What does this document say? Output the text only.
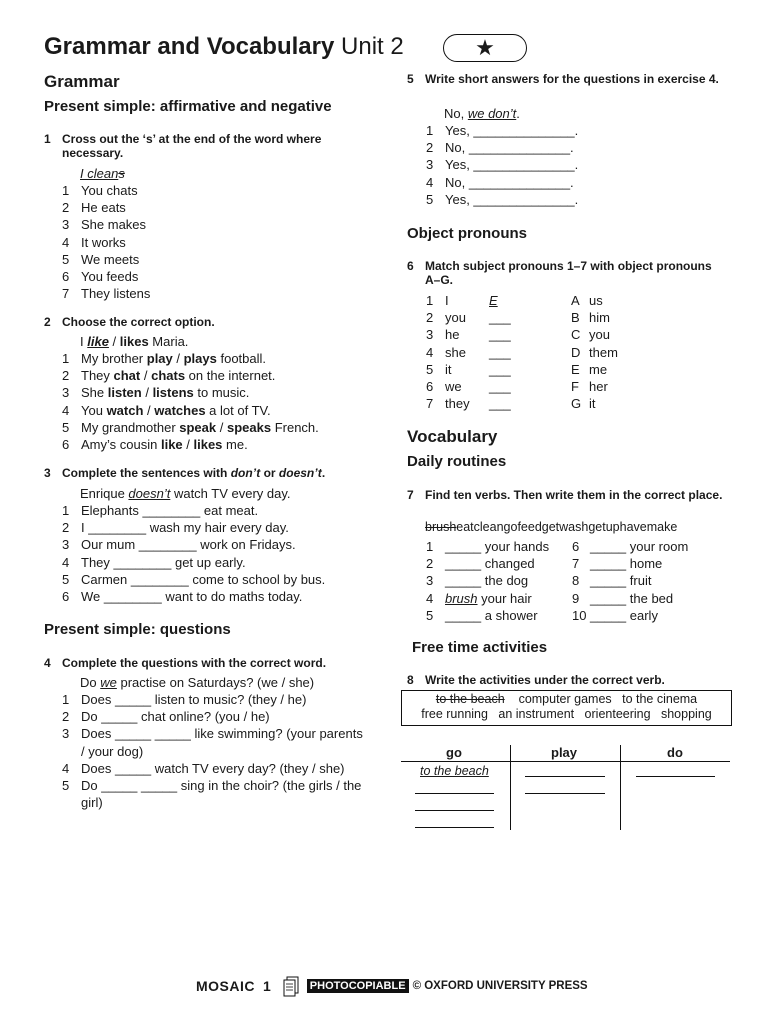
Grammar and Vocabulary Unit 2	★
Grammar
Present simple: affirmative and negative
1 Cross out the ‘s’ at the end of the word where necessary.
I cleans
1 You chats
2 He eats
3 She makes
4 It works
5 We meets
6 You feeds
7 They listens
2 Choose the correct option.
I like / likes Maria.
1 My brother play / plays football.
2 They chat / chats on the internet.
3 She listen / listens to music.
4 You watch / watches a lot of TV.
5 My grandmother speak / speaks French.
6 Amy’s cousin like / likes me.
3 Complete the sentences with don’t or doesn’t.
Enrique doesn’t watch TV every day.
1 Elephants ________ eat meat.
2 I ________ wash my hair every day.
3 Our mum ________ work on Fridays.
4 They ________ get up early.
5 Carmen ________ come to school by bus.
6 We ________ want to do maths today.
Present simple: questions
4 Complete the questions with the correct word.
Do we practise on Saturdays? (we / she)
1 Does _____ listen to music? (they / he)
2 Do _____ chat online? (you / he)
3 Does _____ _____ like swimming? (your parents
/ your dog)
4 Does _____ watch TV every day? (they / she)
5 Do _____ _____ sing in the choir? (the girls / the
girl)
5 Write short answers for the questions in exercise 4.
No, we don’t.
1 Yes, ______________.
2 No, ______________.
3 Yes, ______________.
4 No, ______________.
5 Yes, ______________.
Object pronouns
6 Match subject pronouns 1–7 with object pronouns A–G.
1 I	E	A us
2 you ___	B him
3 he ___	C you
4 she ___	D them
5 it	___	E me
6 we ___	F her
7 they ___	G it
Vocabulary
Daily routines
7 Find ten verbs. Then write them in the correct place.
brusheatcleangofeedgetwashgetuphavemake
1 _____ your hands
2 _____ changed
3 _____ the dog
4 brush your hair
5 _____ a shower
6 _____ your room
7 _____ home
8 _____ fruit
9 _____ the bed
10 _____ early
Free time activities
8 Write the activities under the correct verb.
to the beach computer games to the cinema
free running an instrument orienteering shopping
go	play	do
to the beach
MOSAIC 1	PHOTOCOPIABLE © OXFORD UNIVERSITY PRESS
